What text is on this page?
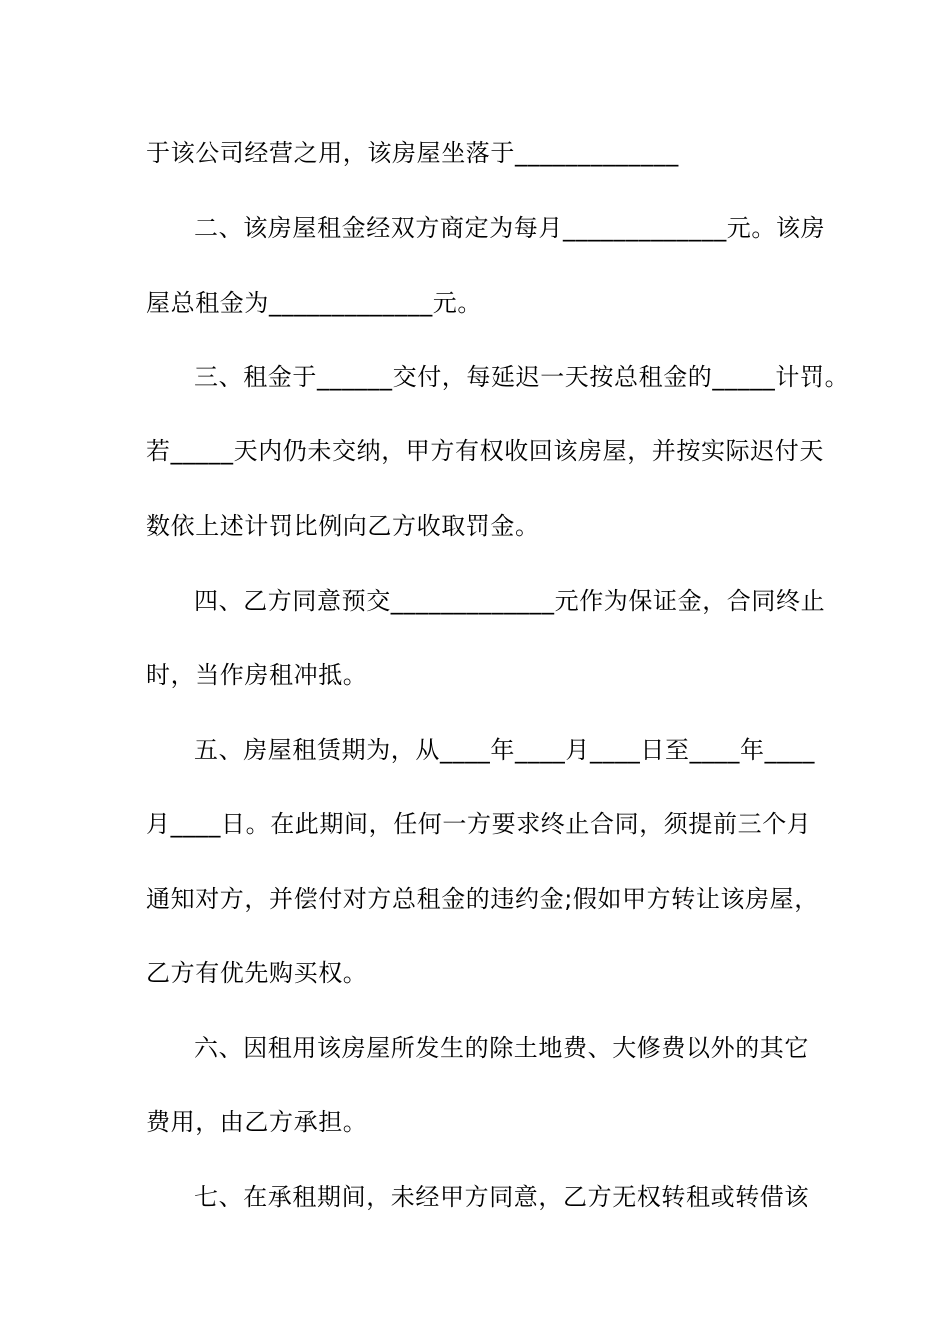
于该公司经营之用，该房屋坐落于_____________
二、该房屋租金经双方商定为每月_____________元。该房
屋总租金为_____________元。
三、租金于______交付，每延迟一天按总租金的_____计罚。
若_____天内仍未交纳，甲方有权收回该房屋，并按实际迟付天
数依上述计罚比例向乙方收取罚金。
四、乙方同意预交_____________元作为保证金，合同终止
时，当作房租冲抵。
五、房屋租赁期为，从____年____月____日至____年____
月____日。在此期间，任何一方要求终止合同，须提前三个月
通知对方，并偿付对方总租金的违约金;假如甲方转让该房屋，
乙方有优先购买权。
六、因租用该房屋所发生的除土地费、大修费以外的其它
费用，由乙方承担。
七、在承租期间，未经甲方同意，乙方无权转租或转借该
